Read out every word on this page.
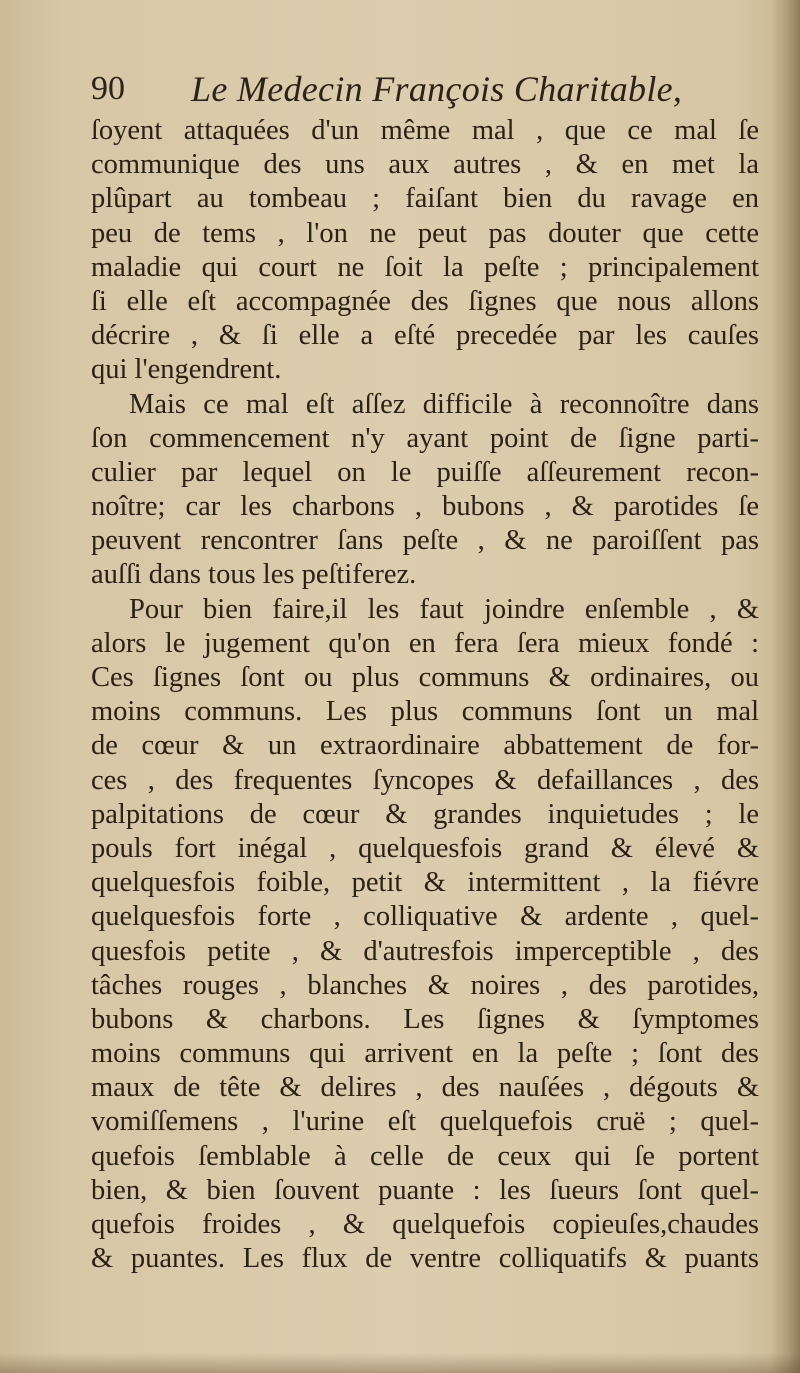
90 Le Medecin François Charitable,
ſoyent attaquées d'un même mal , que ce mal ſe
communique des uns aux autres , & en met la
plûpart au tombeau ; faiſant bien du ravage en
peu de tems , l'on ne peut pas douter que cette
maladie qui court ne ſoit la peſte ; principalement
ſi elle eſt accompagnée des ſignes que nous allons
décrire , & ſi elle a eſté precedée par les cauſes
qui l'engendrent.
Mais ce mal eſt aſſez difficile à reconnoître dans
ſon commencement n'y ayant point de ſigne parti-
culier par lequel on le puiſſe aſſeurement recon-
noître; car les charbons , bubons , & parotides ſe
peuvent rencontrer ſans peſte , & ne paroiſſent pas
auſſi dans tous les peſtiferez.
Pour bien faire,il les faut joindre enſemble , &
alors le jugement qu'on en fera ſera mieux fondé :
Ces ſignes ſont ou plus communs & ordinaires, ou
moins communs. Les plus communs ſont un mal
de cœur & un extraordinaire abbattement de for-
ces , des frequentes ſyncopes & defaillances , des
palpitations de cœur & grandes inquietudes ; le
pouls fort inégal , quelquesfois grand & élevé &
quelquesfois foible, petit & intermittent , la fiévre
quelquesfois forte , colliquative & ardente , quel-
quesfois petite , & d'autresfois imperceptible , des
tâches rouges , blanches & noires , des parotides,
bubons & charbons. Les ſignes & ſymptomes
moins communs qui arrivent en la peſte ; ſont des
maux de tête & delires , des nauſées , dégouts &
vomiſſemens , l'urine eſt quelquefois cruë ; quel-
quefois ſemblable à celle de ceux qui ſe portent
bien, & bien ſouvent puante : les ſueurs ſont quel-
quefois froides , & quelquefois copieuſes,chaudes
& puantes. Les flux de ventre colliquatifs & puants
